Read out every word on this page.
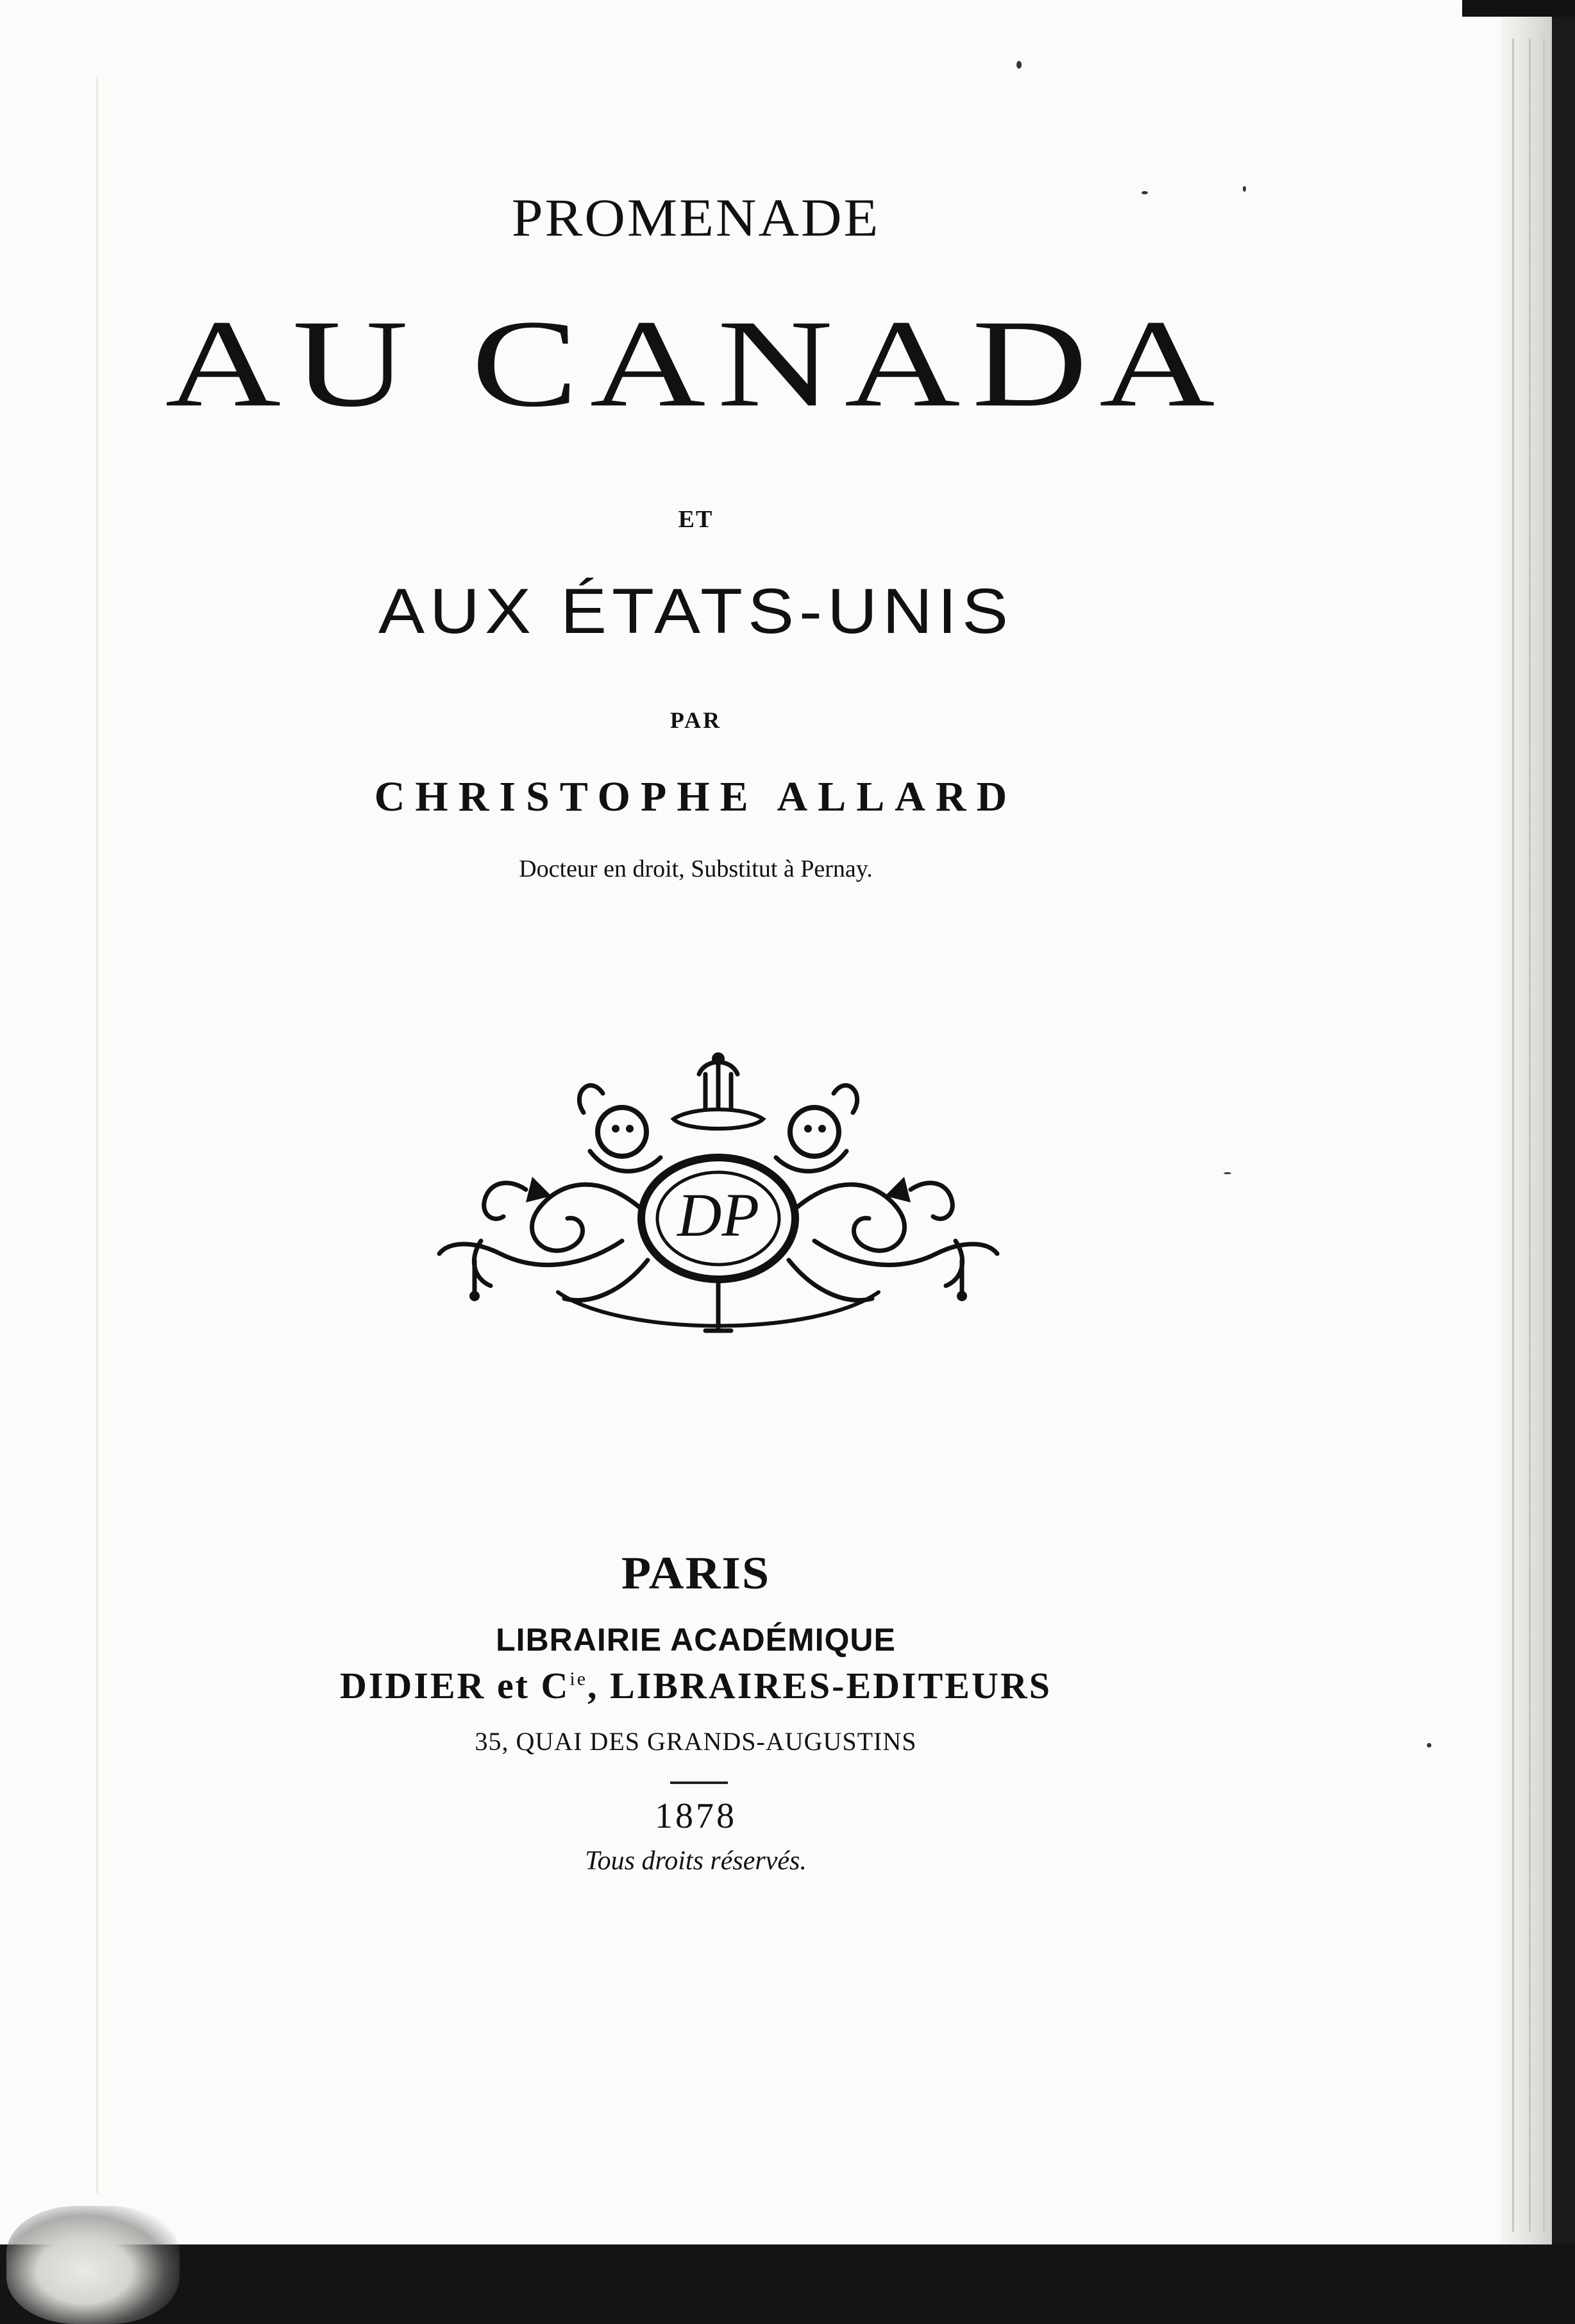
PROMENADE

AU CANADA

ET

AUX ÉTATS-UNIS

PAR

CHRISTOPHE ALLARD

Docteur en droit, Substitut à Pernay.

DP

PARIS

LIBRAIRIE ACADÉMIQUE

DIDIER et $C^{ie}$, LIBRAIRES-EDITEURS

35, QUAI DES GRANDS-AUGUSTINS

1878

Tous droits réservés.
